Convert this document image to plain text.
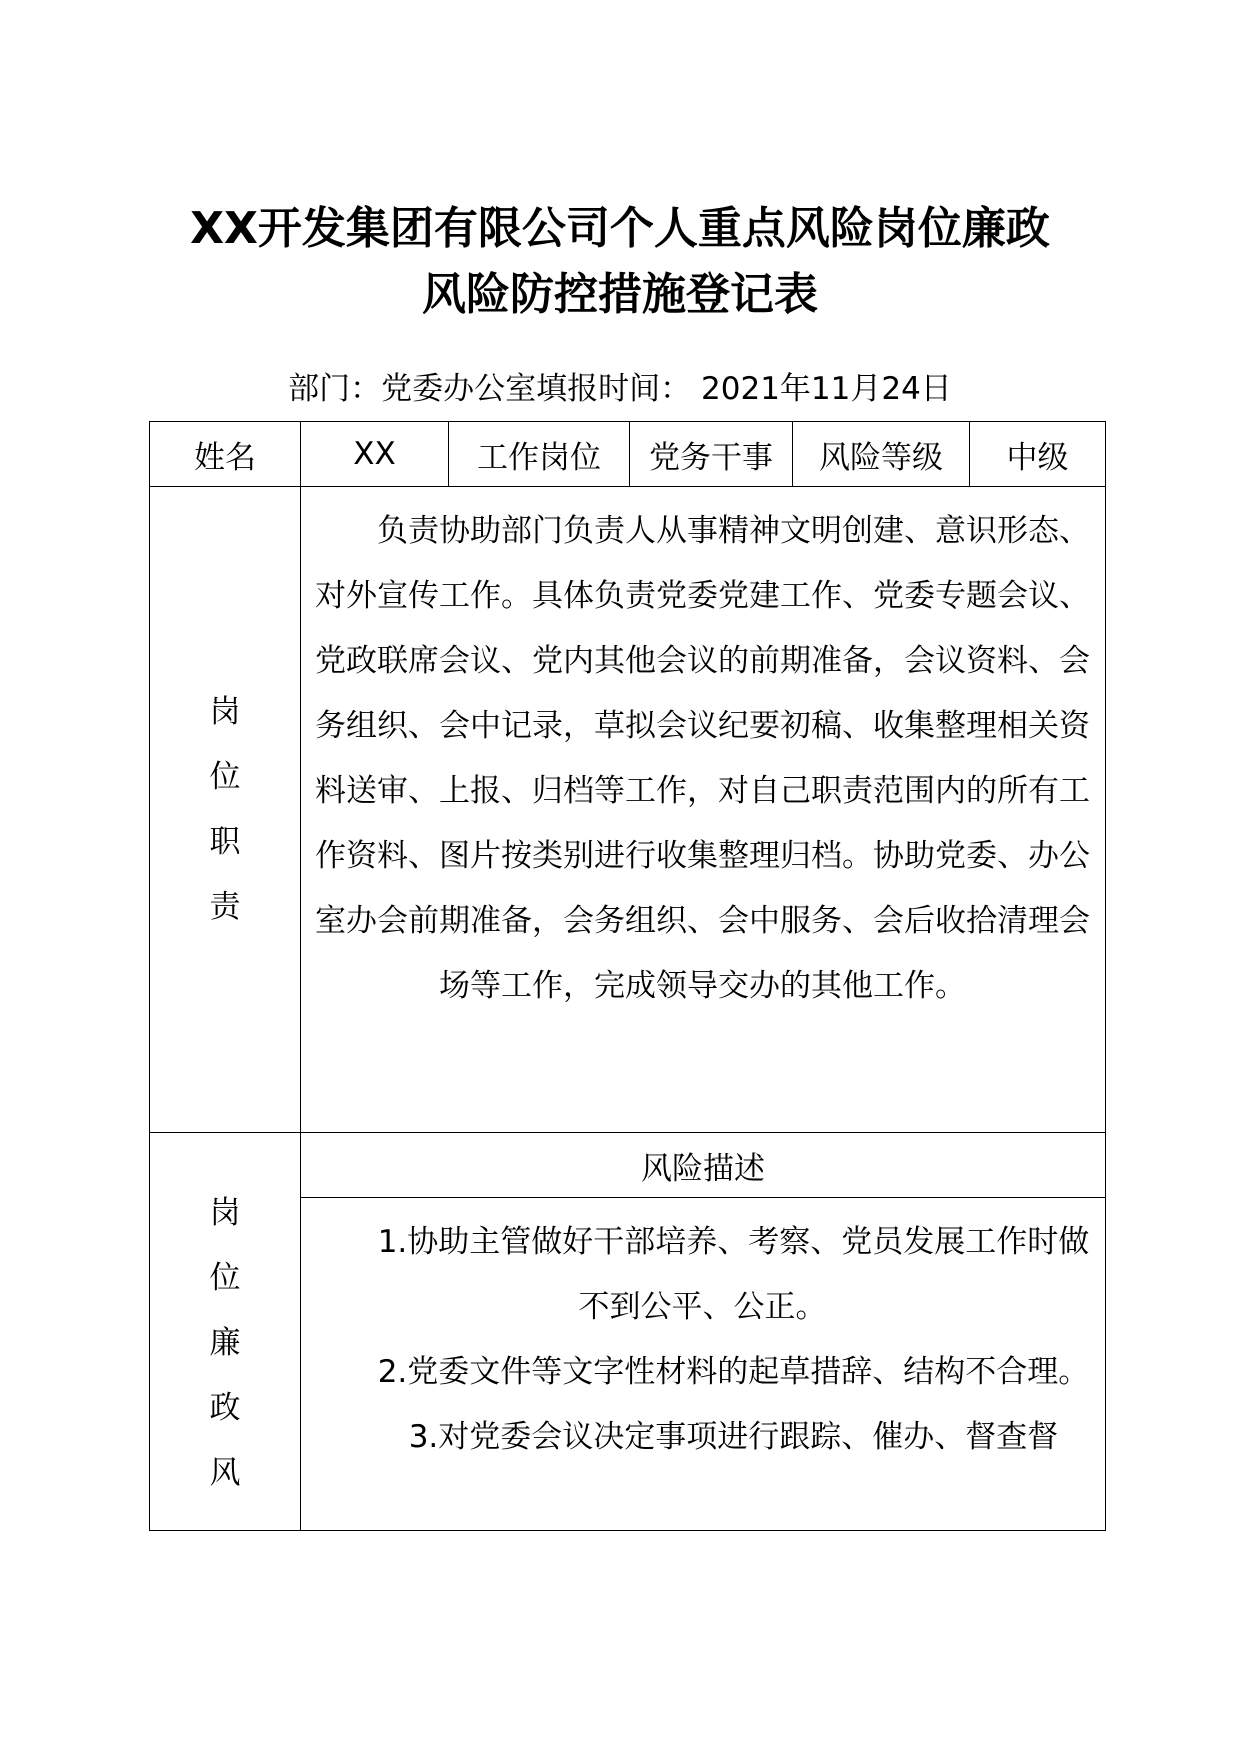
XX开发集团有限公司个人重点风险岗位廉政
风险防控措施登记表
部门：党委办公室填报时间： 2021年11月24日
姓名	XX	工作岗位	党务干事	风险等级	中级

岗
位
职
责	负责协助部门负责人从事精神文明创建、意识形态、对外宣传工作。具体负责党委党建工作、党委专题会议、党政联席会议、党内其他会议的前期准备，会议资料、会务组织、会中记录，草拟会议纪要初稿、收集整理相关资料送审、上报、归档等工作，对自己职责范围内的所有工作资料、图片按类别进行收集整理归档。协助党委、办公室办会前期准备，会务组织、会中服务、会后收拾清理会场等工作，完成领导交办的其他工作。				

岗
位
廉
政
风	风险描述				

	1.协助主管做好干部培养、考察、党员发展工作时做不到公平、公正。

2.党委文件等文字性材料的起草措辞、结构不合理。

3.对党委会议决定事项进行跟踪、催办、督查督				
